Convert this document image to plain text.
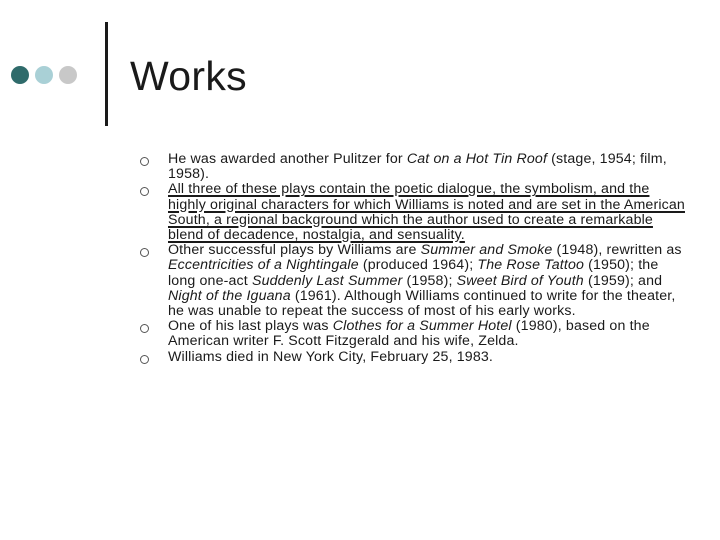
Works
He was awarded another Pulitzer for Cat on a Hot Tin Roof (stage, 1954; film, 1958).
All three of these plays contain the poetic dialogue, the symbolism, and the highly original characters for which Williams is noted and are set in the American South, a regional background which the author used to create a remarkable blend of decadence, nostalgia, and sensuality.
Other successful plays by Williams are Summer and Smoke (1948), rewritten as Eccentricities of a Nightingale (produced 1964); The Rose Tattoo (1950); the long one-act Suddenly Last Summer (1958); Sweet Bird of Youth (1959); and Night of the Iguana (1961). Although Williams continued to write for the theater, he was unable to repeat the success of most of his early works.
One of his last plays was Clothes for a Summer Hotel (1980), based on the American writer F. Scott Fitzgerald and his wife, Zelda.
Williams died in New York City, February 25, 1983.
